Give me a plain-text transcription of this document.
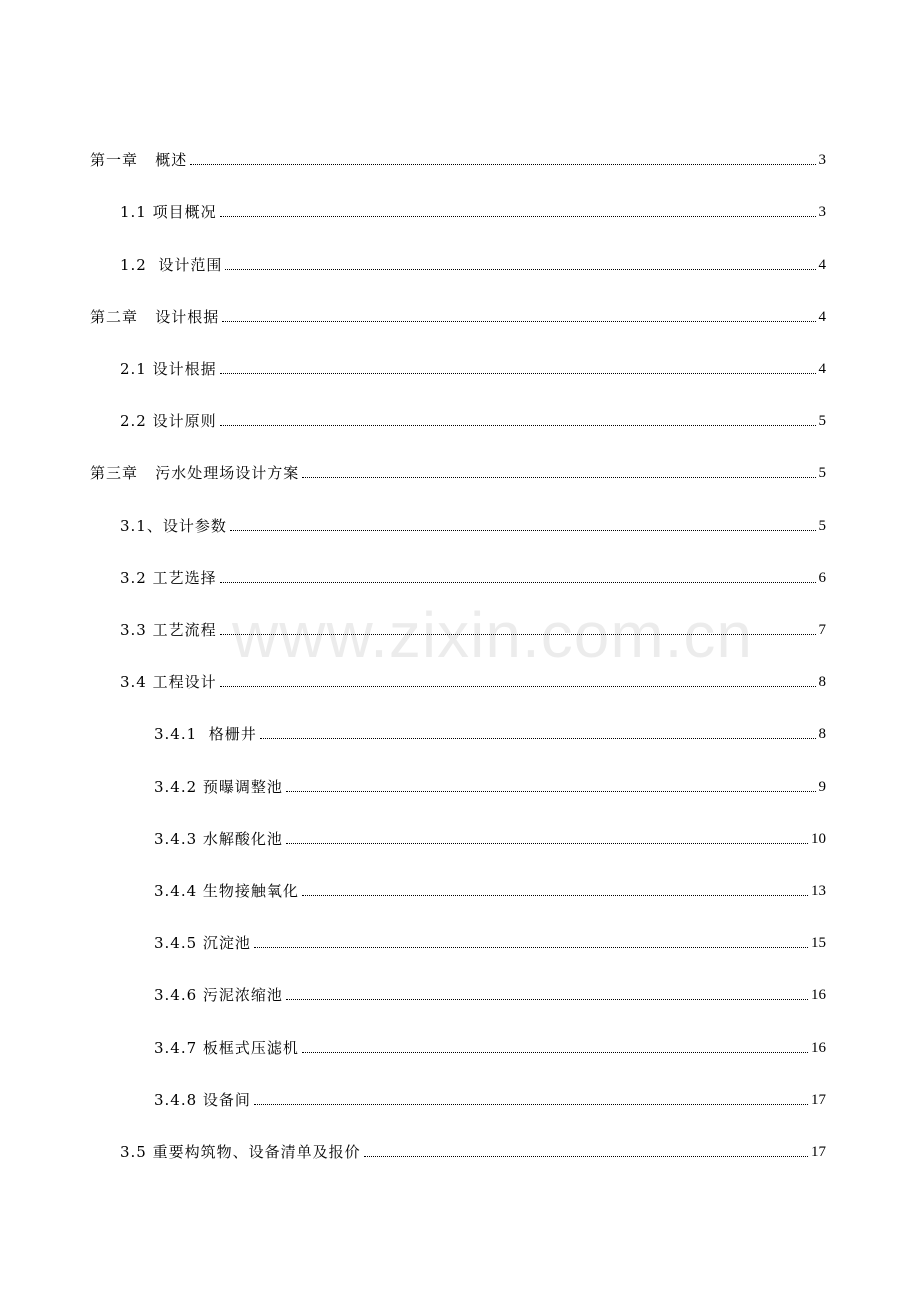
www.zixin.com.cn
第一章   概述	3
1.1 项目概况	3
1.2  设计范围	4
第二章   设计根据	4
2.1 设计根据	4
2.2 设计原则	5
第三章   污水处理场设计方案	5
3.1、设计参数	5
3.2 工艺选择	6
3.3 工艺流程	7
3.4 工程设计	8
3.4.1  格栅井	8
3.4.2 预曝调整池	9
3.4.3 水解酸化池	10
3.4.4 生物接触氧化	13
3.4.5 沉淀池	15
3.4.6 污泥浓缩池	16
3.4.7 板框式压滤机	16
3.4.8 设备间	17
3.5 重要构筑物、设备清单及报价	17
